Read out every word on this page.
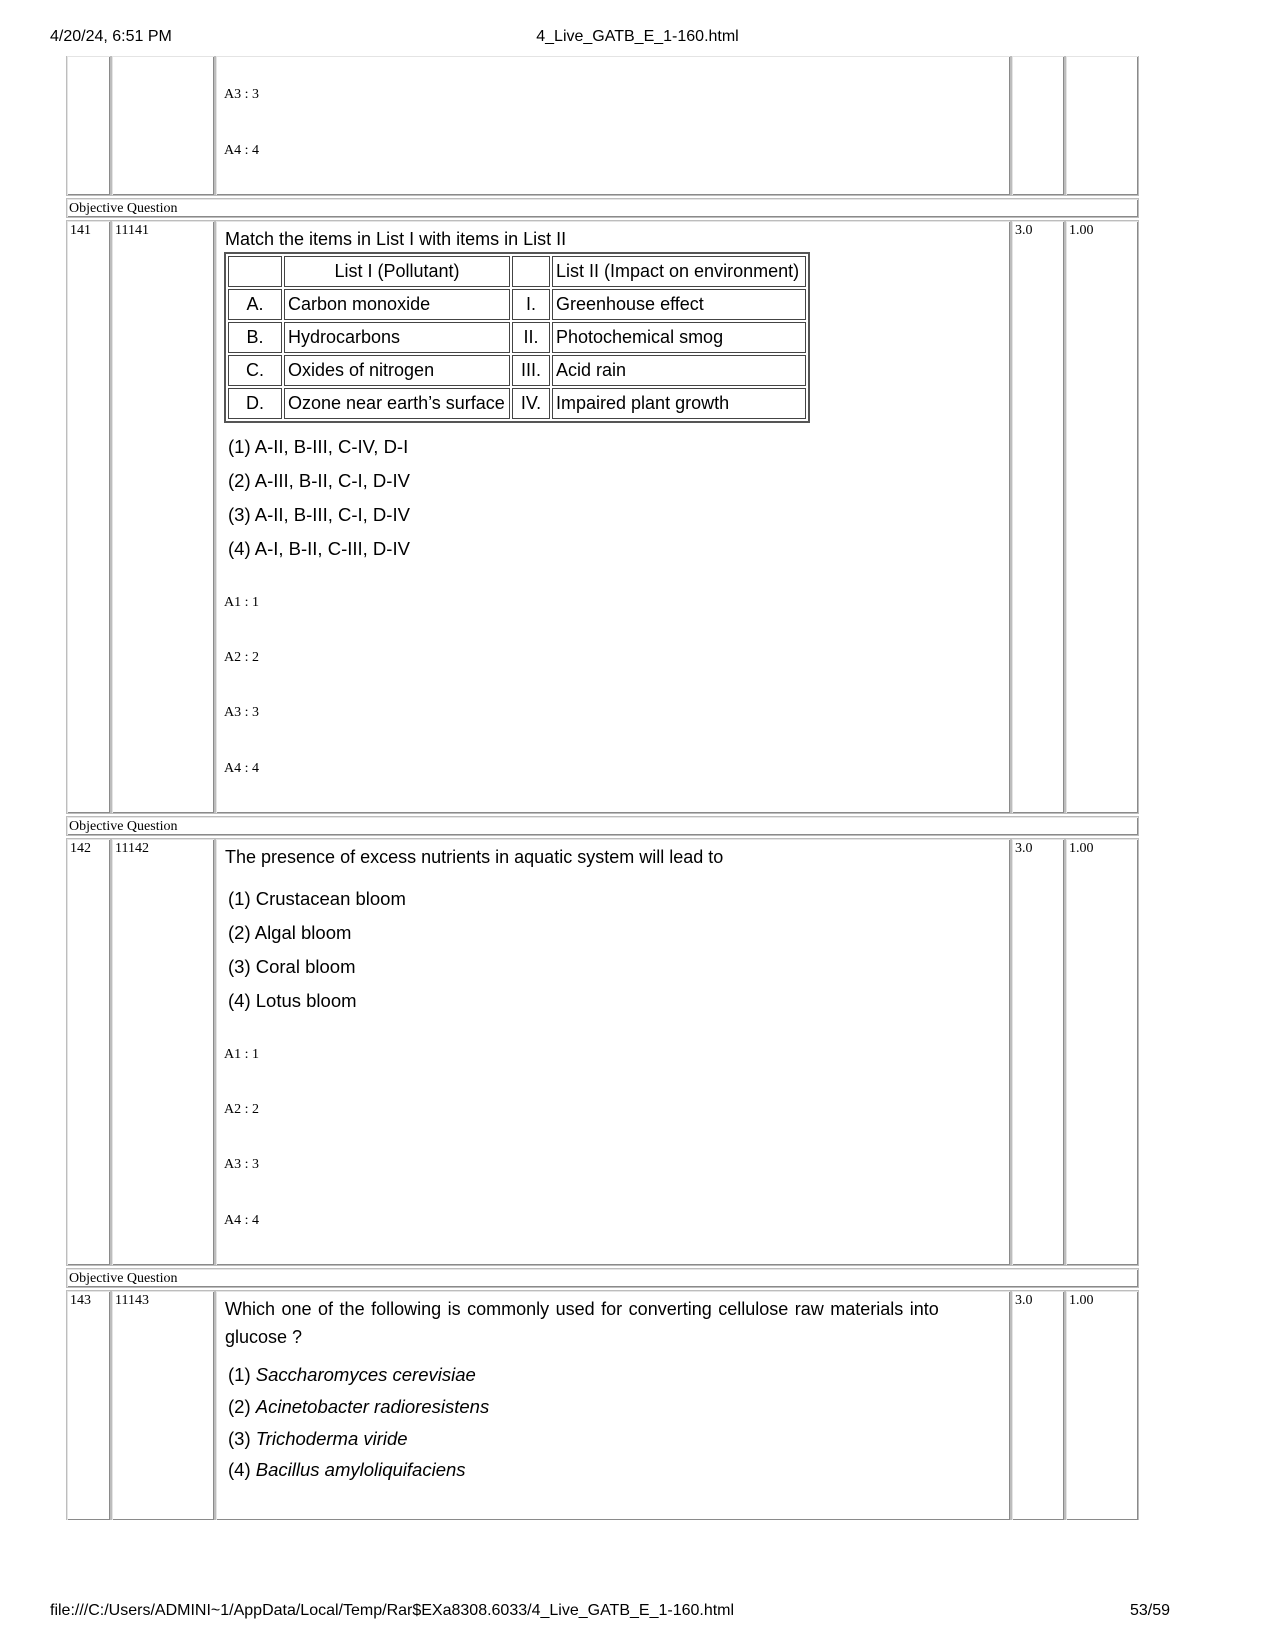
4/20/24, 6:51 PM	4_Live_GATB_E_1-160.html
A3 : 3
A4 : 4
Objective Question
141	11141	3.0	1.00
Match the items in List I with items in List II
	List I (Pollutant)		List II (Impact on environment)
A.	Carbon monoxide	I.	Greenhouse effect
B.	Hydrocarbons	II.	Photochemical smog
C.	Oxides of nitrogen	III.	Acid rain
D.	Ozone near earth’s surface	IV.	Impaired plant growth
(1) A-II, B-III, C-IV, D-I
(2) A-III, B-II, C-I, D-IV
(3) A-II, B-III, C-I, D-IV
(4) A-I, B-II, C-III, D-IV
A1 : 1
A2 : 2
A3 : 3
A4 : 4
Objective Question
142	11142	3.0	1.00
The presence of excess nutrients in aquatic system will lead to
(1) Crustacean bloom
(2) Algal bloom
(3) Coral bloom
(4) Lotus bloom
A1 : 1
A2 : 2
A3 : 3
A4 : 4
Objective Question
143	11143	3.0	1.00
Which one of the following is commonly used for converting cellulose raw materials into
glucose ?
(1) Saccharomyces cerevisiae
(2) Acinetobacter radioresistens
(3) Trichoderma viride
(4) Bacillus amyloliquifaciens
file:///C:/Users/ADMINI~1/AppData/Local/Temp/Rar$EXa8308.6033/4_Live_GATB_E_1-160.html	53/59
